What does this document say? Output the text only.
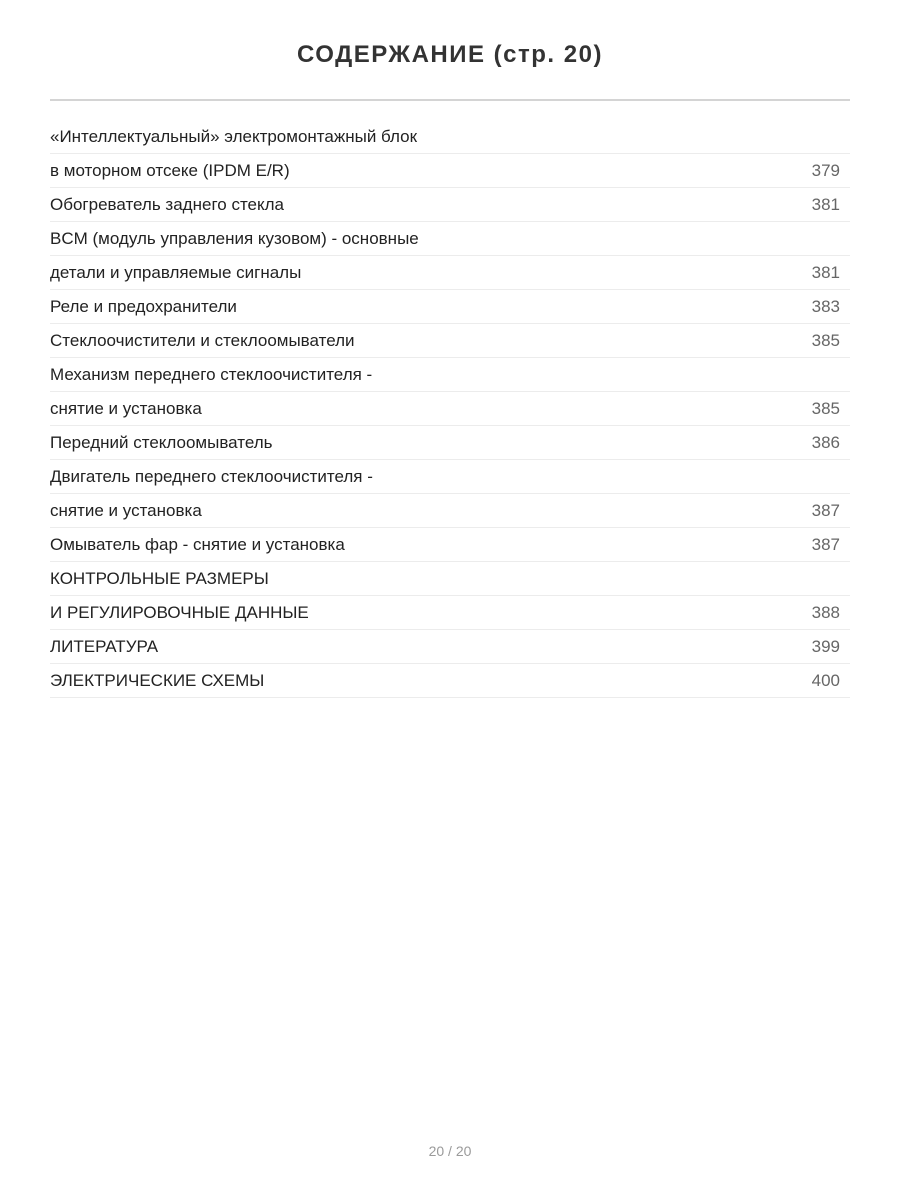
СОДЕРЖАНИЕ (стр. 20)
«Интеллектуальный» электромонтажный блок
в моторном отсеке (IPDM E/R)	379
Обогреватель заднего стекла	381
BCM (модуль управления кузовом) - основные
детали и управляемые сигналы	381
Реле и предохранители	383
Стеклоочистители и стеклоомыватели	385
Механизм переднего стеклоочистителя -
снятие и установка	385
Передний стеклоомыватель	386
Двигатель переднего стеклоочистителя -
снятие и установка	387
Омыватель фар - снятие и установка	387
КОНТРОЛЬНЫЕ РАЗМЕРЫ
И РЕГУЛИРОВОЧНЫЕ ДАННЫЕ	388
ЛИТЕРАТУРА	399
ЭЛЕКТРИЧЕСКИЕ СХЕМЫ	400
20 / 20
